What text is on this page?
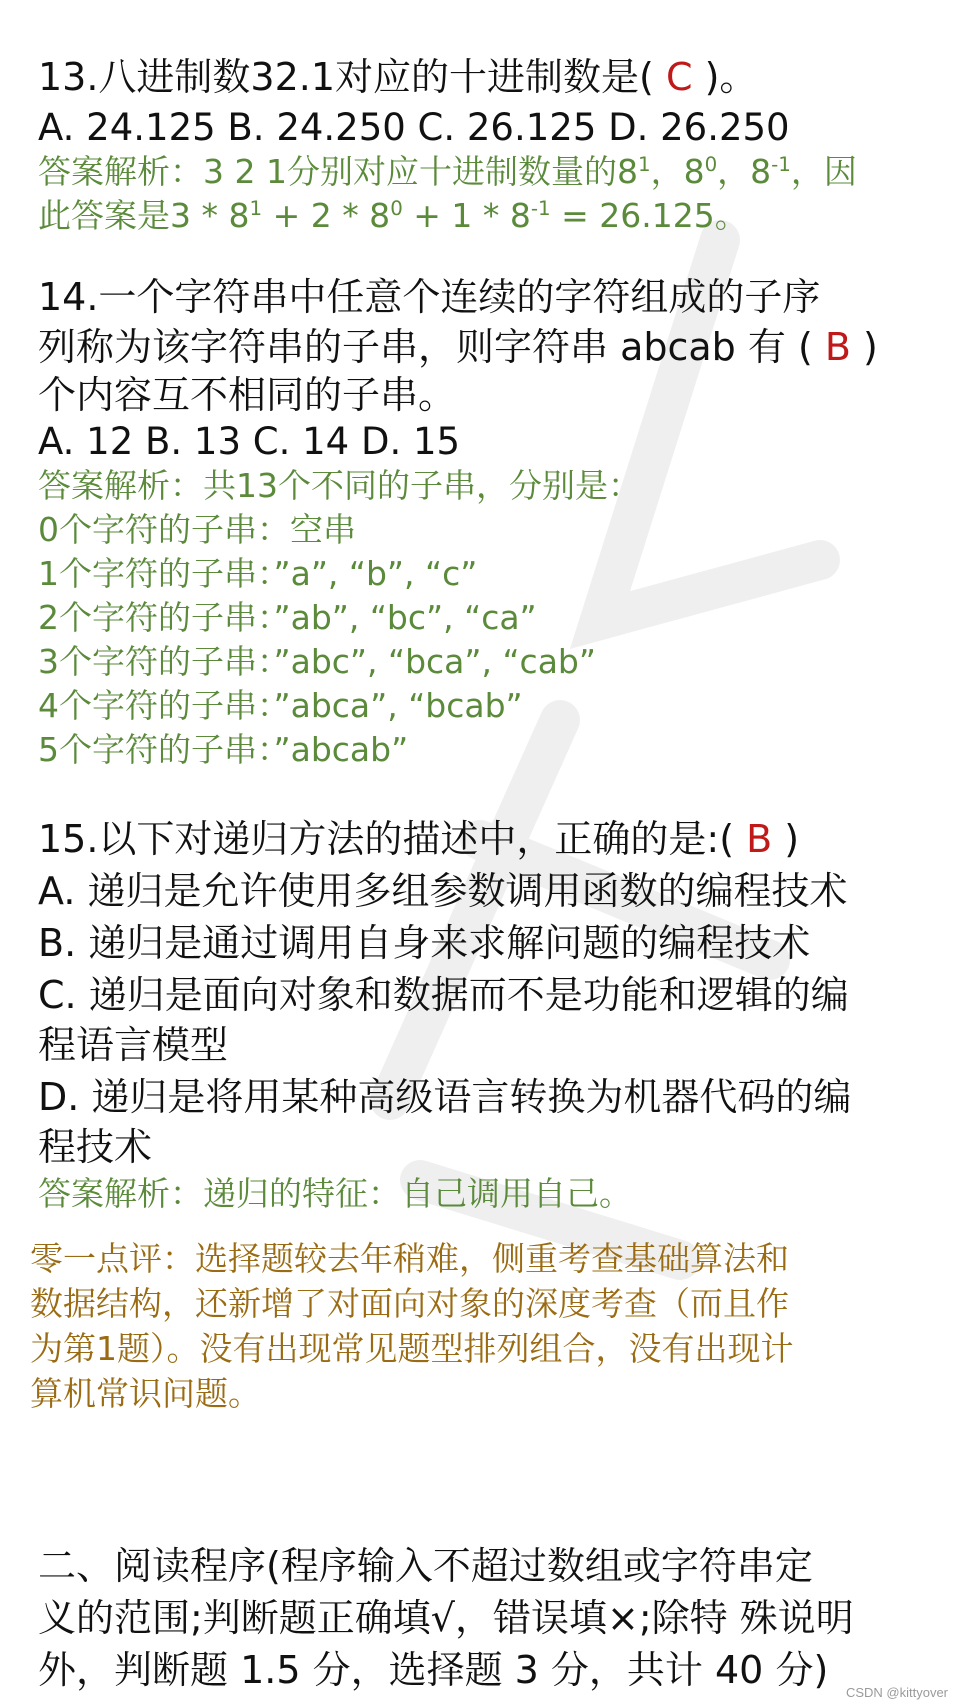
13.八进制数32.1对应的十进制数是( C )。
A. 24.125 B. 24.250 C. 26.125 D. 26.250
答案解析：3 2 1分别对应十进制数量的$8^1$，$8^0$，$8^{-1}$，因
此答案是$3 * 8^1 + 2 * 8^0 + 1 * 8^{-1} = 26.125$。
14.一个字符串中任意个连续的字符组成的子序
列称为该字符串的子串，则字符串 abcab 有 ( B )
个内容互不相同的子串。
A. 12 B. 13 C. 14 D. 15
答案解析：共13个不同的子串，分别是：
0个字符的子串：空串
1个字符的子串：”a”, “b”, “c”
2个字符的子串：”ab”, “bc”, “ca”
3个字符的子串：”abc”, “bca”, “cab”
4个字符的子串：”abca”, “bcab”
5个字符的子串：”abcab”
15.以下对递归方法的描述中，正确的是:( B )
A. 递归是允许使用多组参数调用函数的编程技术
B. 递归是通过调用自身来求解问题的编程技术
C. 递归是面向对象和数据而不是功能和逻辑的编
程语言模型
D. 递归是将用某种高级语言转换为机器代码的编
程技术
答案解析：递归的特征：自己调用自己。
零一点评：选择题较去年稍难，侧重考查基础算法和
数据结构，还新增了对面向对象的深度考查（而且作
为第1题）。没有出现常见题型排列组合，没有出现计
算机常识问题。
二、阅读程序(程序输入不超过数组或字符串定
义的范围;判断题正确填√，错误填×;除特 殊说明
外，判断题 1.5 分，选择题 3 分，共计 40 分)
CSDN @kittyover
